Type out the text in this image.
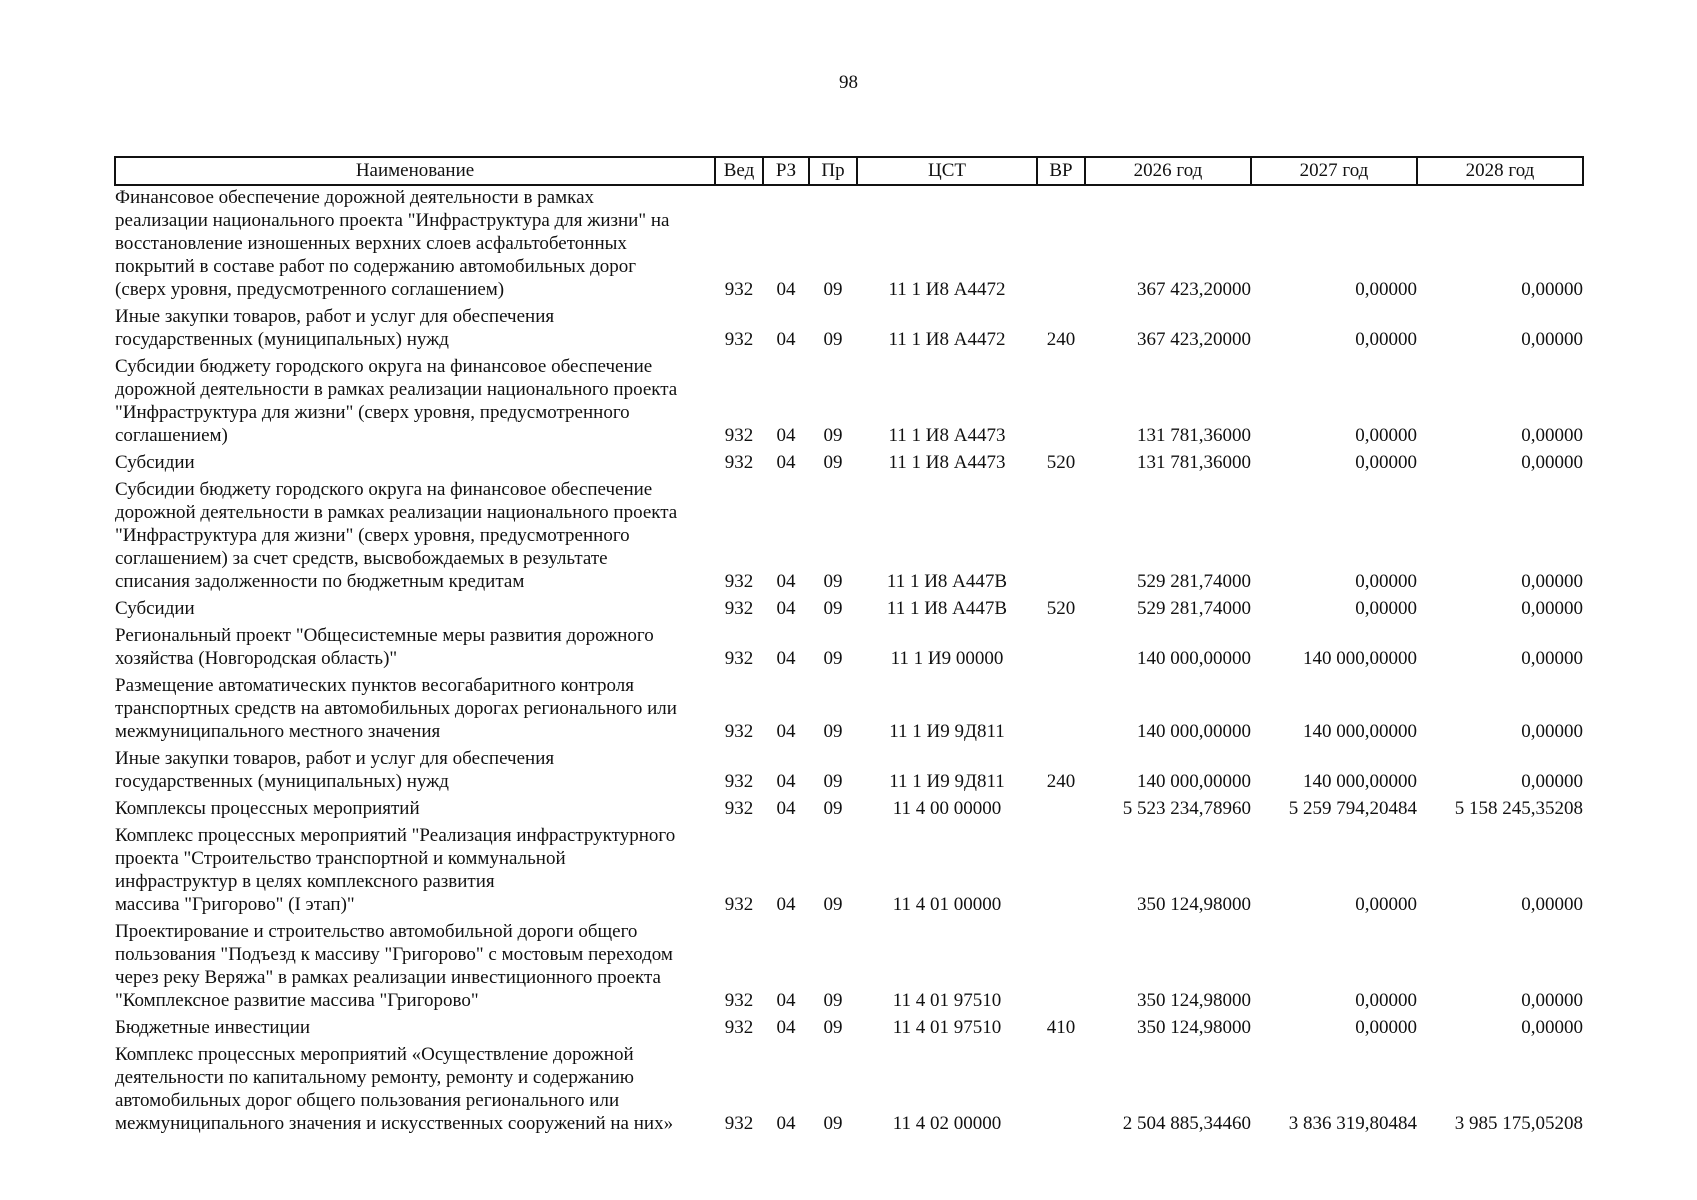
98
Наименование	Вед	РЗ	Пр	ЦСТ	ВР	2026 год	2027 год	2028 год
Финансовое обеспечение дорожной деятельности в рамках
реализации национального проекта "Инфраструктура для жизни" на
восстановление изношенных верхних слоев асфальтобетонных
покрытий в составе работ по содержанию автомобильных дорог
(сверх уровня, предусмотренного соглашением)	932	04	09	11 1 И8 А4472		367 423,20000	0,00000	0,00000
Иные закупки товаров, работ и услуг для обеспечения
государственных (муниципальных) нужд	932	04	09	11 1 И8 А4472	240	367 423,20000	0,00000	0,00000
Субсидии бюджету городского округа на финансовое обеспечение
дорожной деятельности в рамках реализации национального проекта
"Инфраструктура для жизни" (сверх уровня, предусмотренного
соглашением)	932	04	09	11 1 И8 А4473		131 781,36000	0,00000	0,00000
Субсидии	932	04	09	11 1 И8 А4473	520	131 781,36000	0,00000	0,00000
Субсидии бюджету городского округа на финансовое обеспечение
дорожной деятельности в рамках реализации национального проекта
"Инфраструктура для жизни" (сверх уровня, предусмотренного
соглашением) за счет средств, высвобождаемых в результате
списания задолженности по бюджетным кредитам	932	04	09	11 1 И8 А447В		529 281,74000	0,00000	0,00000
Субсидии	932	04	09	11 1 И8 А447В	520	529 281,74000	0,00000	0,00000
Региональный проект "Общесистемные меры развития дорожного
хозяйства (Новгородская область)"	932	04	09	11 1 И9 00000		140 000,00000	140 000,00000	0,00000
Размещение автоматических пунктов весогабаритного контроля
транспортных средств на автомобильных дорогах регионального или
межмуниципального местного значения	932	04	09	11 1 И9 9Д811		140 000,00000	140 000,00000	0,00000
Иные закупки товаров, работ и услуг для обеспечения
государственных (муниципальных) нужд	932	04	09	11 1 И9 9Д811	240	140 000,00000	140 000,00000	0,00000
Комплексы процессных мероприятий	932	04	09	11 4 00 00000		5 523 234,78960	5 259 794,20484	5 158 245,35208
Комплекс процессных мероприятий "Реализация инфраструктурного
проекта "Строительство транспортной и коммунальной
инфраструктур в целях комплексного развития
массива "Григорово" (I этап)"	932	04	09	11 4 01 00000		350 124,98000	0,00000	0,00000
Проектирование и строительство автомобильной дороги общего
пользования "Подъезд к массиву "Григорово" с мостовым переходом
через реку Веряжа" в рамках реализации инвестиционного проекта
"Комплексное развитие массива "Григорово"	932	04	09	11 4 01 97510		350 124,98000	0,00000	0,00000
Бюджетные инвестиции	932	04	09	11 4 01 97510	410	350 124,98000	0,00000	0,00000
Комплекс процессных мероприятий «Осуществление дорожной
деятельности по капитальному ремонту, ремонту и содержанию
автомобильных дорог общего пользования регионального или
межмуниципального значения и искусственных сооружений на них»	932	04	09	11 4 02 00000		2 504 885,34460	3 836 319,80484	3 985 175,05208
